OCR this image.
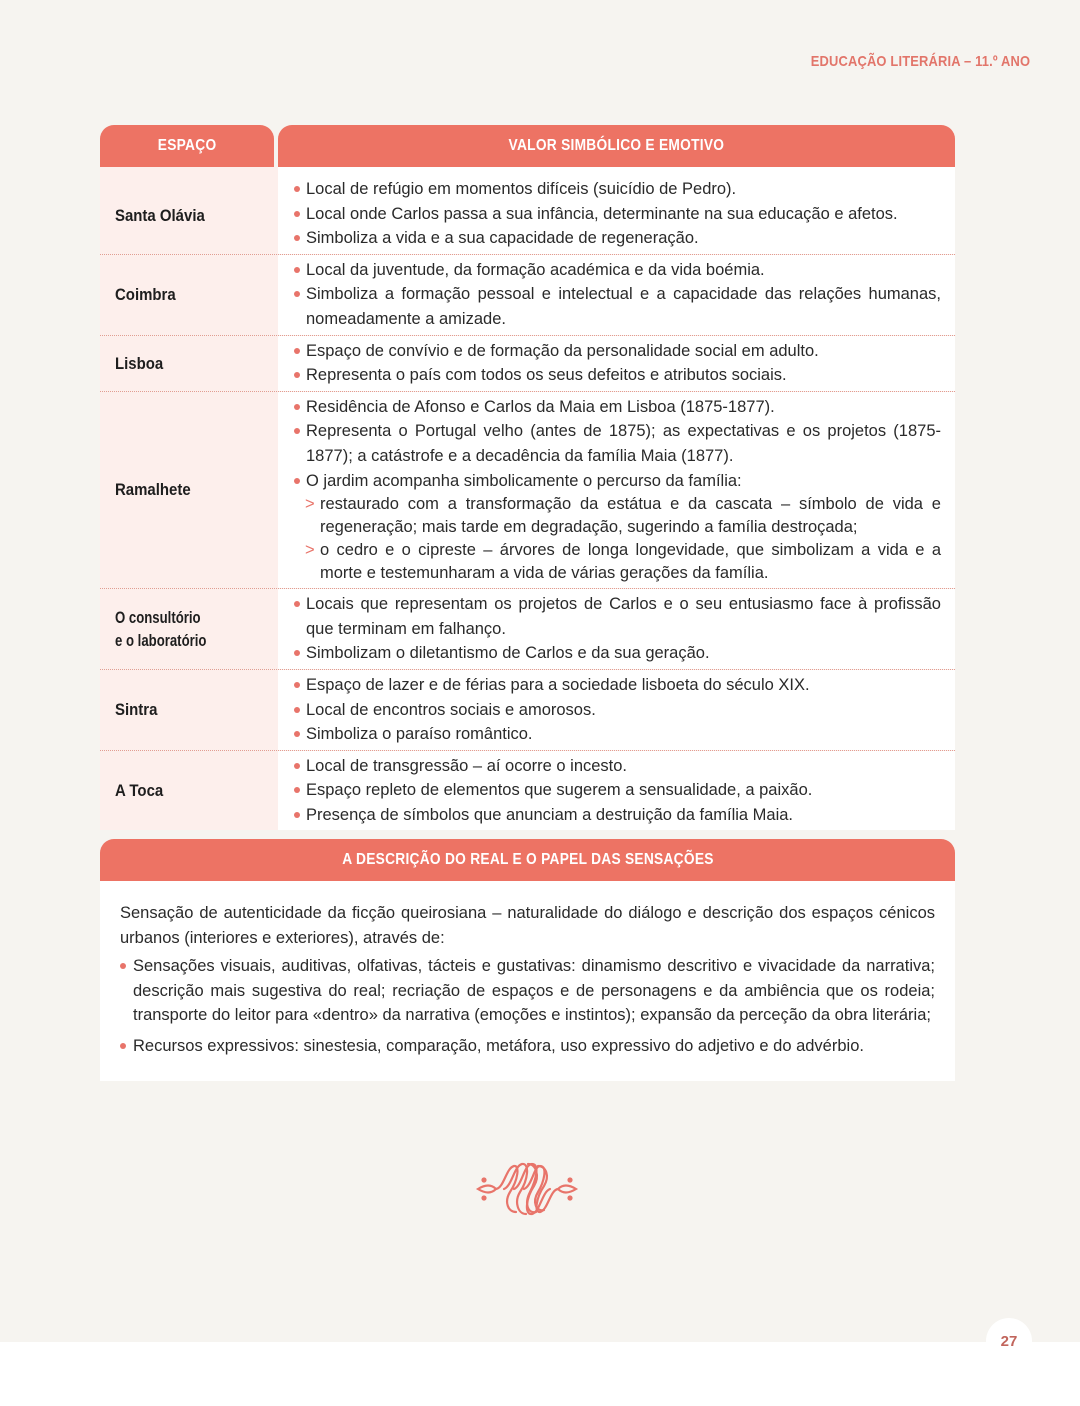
EDUCAÇÃO LITERÁRIA – 11.º ANO
ESPAÇO	VALOR SIMBÓLICO E EMOTIVO
Santa Olávia
Local de refúgio em momentos difíceis (suicídio de Pedro).
Local onde Carlos passa a sua infância, determinante na sua educação e afetos.
Simboliza a vida e a sua capacidade de regeneração.
Coimbra
Local da juventude, da formação académica e da vida boémia.
Simboliza a formação pessoal e intelectual e a capacidade das relações humanas, nomeadamente a amizade.
Lisboa
Espaço de convívio e de formação da personalidade social em adulto.
Representa o país com todos os seus defeitos e atributos sociais.
Ramalhete
Residência de Afonso e Carlos da Maia em Lisboa (1875-1877).
Representa o Portugal velho (antes de 1875); as expectativas e os projetos (1875-1877); a catástrofe e a decadência da família Maia (1877).
O jardim acompanha simbolicamente o percurso da família:
> restaurado com a transformação da estátua e da cascata – símbolo de vida e regeneração; mais tarde em degradação, sugerindo a família destroçada;
> o cedro e o cipreste – árvores de longa longevidade, que simbolizam a vida e a morte e testemunharam a vida de várias gerações da família.
O consultório
e o laboratório
Locais que representam os projetos de Carlos e o seu entusiasmo face à profissão que terminam em falhanço.
Simbolizam o diletantismo de Carlos e da sua geração.
Sintra
Espaço de lazer e de férias para a sociedade lisboeta do século XIX.
Local de encontros sociais e amorosos.
Simboliza o paraíso romântico.
A Toca
Local de transgressão – aí ocorre o incesto.
Espaço repleto de elementos que sugerem a sensualidade, a paixão.
Presença de símbolos que anunciam a destruição da família Maia.
A DESCRIÇÃO DO REAL E O PAPEL DAS SENSAÇÕES

Sensação de autenticidade da ficção queirosiana – naturalidade do diálogo e descrição dos espaços cénicos urbanos (interiores e exteriores), através de:

Sensações visuais, auditivas, olfativas, tácteis e gustativas: dinamismo descritivo e vivacidade da narrativa; descrição mais sugestiva do real; recriação de espaços e de personagens e da ambiência que os rodeia; transporte do leitor para «dentro» da narrativa (emoções e instintos); expansão da perceção da obra literária;
Recursos expressivos: sinestesia, comparação, metáfora, uso expressivo do adjetivo e do advérbio.
27
